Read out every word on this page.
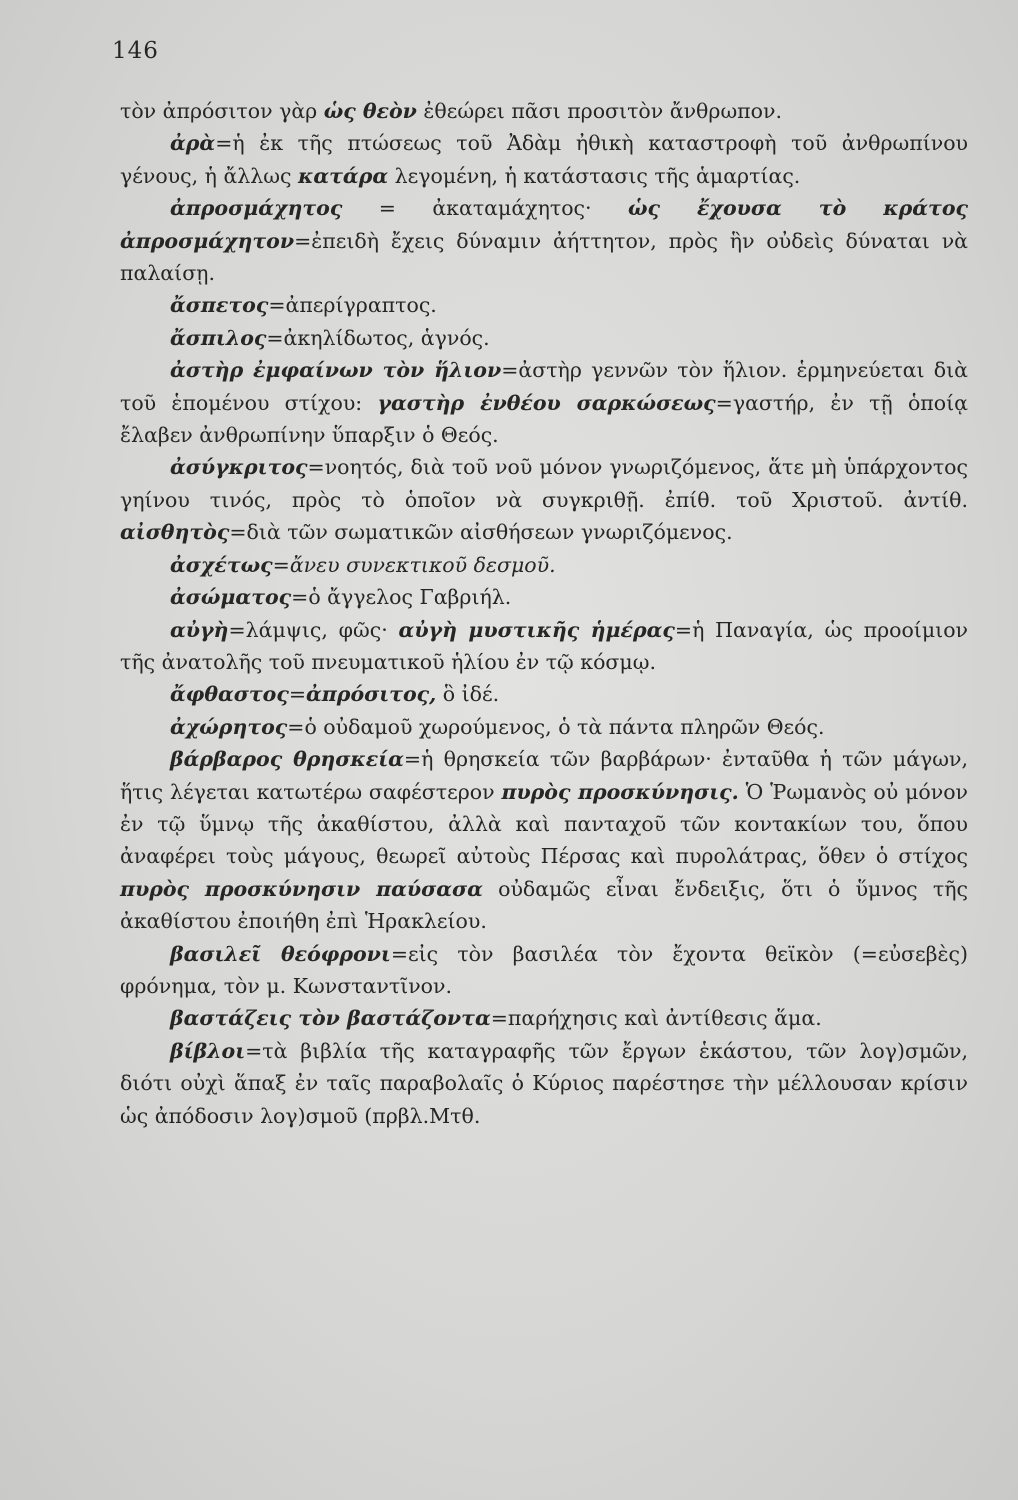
146

τὸν ἀπρόσιτον γὰρ ὡς θεὸν ἐθεώρει πᾶσι προσιτὸν ἄνθρωπον.

ἀρὰ=ἡ ἐκ τῆς πτώσεως τοῦ Ἀδὰμ ἠθικὴ καταστροφὴ τοῦ ἀνθρωπίνου γένους, ἡ ἄλλως κατάρα λεγομένη, ἡ κατάστασις τῆς ἁμαρτίας.

ἀπροσμάχητος = ἀκαταμάχητος· ὡς ἔχουσα τὸ κράτος ἀπροσμάχητον=ἐπειδὴ ἔχεις δύναμιν ἀήττητον, πρὸς ἣν οὐδεὶς δύναται νὰ παλαίσῃ.

ἄσπετος=ἀπερίγραπτος.

ἄσπιλος=ἀκηλίδωτος, ἁγνός.

ἀστὴρ ἐμφαίνων τὸν ἥλιον=ἀστὴρ γεννῶν τὸν ἥλιον. ἑρμηνεύεται διὰ τοῦ ἑπομένου στίχου: γαστὴρ ἐνθέου σαρκώσεως=γαστήρ, ἐν τῇ ὁποίᾳ ἔλαβεν ἀνθρωπίνην ὕπαρξιν ὁ Θεός.

ἀσύγκριτος=νοητός, διὰ τοῦ νοῦ μόνον γνωριζόμενος, ἅτε μὴ ὑπάρχοντος γηίνου τινός, πρὸς τὸ ὁποῖον νὰ συγκριθῇ. ἐπίθ. τοῦ Χριστοῦ. ἀντίθ. αἰσθητὸς=διὰ τῶν σωματικῶν αἰσθήσεων γνωριζόμενος.

ἀσχέτως=ἄνευ συνεκτικοῦ δεσμοῦ.

ἀσώματος=ὁ ἄγγελος Γαβριήλ.

αὐγὴ=λάμψις, φῶς· αὐγὴ μυστικῆς ἡμέρας=ἡ Παναγία, ὡς προοίμιον τῆς ἀνατολῆς τοῦ πνευματικοῦ ἡλίου ἐν τῷ κόσμῳ.

ἄφθαστος=ἀπρόσιτος, ὃ ἰδέ.

ἀχώρητος=ὁ οὐδαμοῦ χωρούμενος, ὁ τὰ πάντα πληρῶν Θεός.

βάρβαρος θρησκεία=ἡ θρησκεία τῶν βαρβάρων· ἐνταῦθα ἡ τῶν μάγων, ἥτις λέγεται κατωτέρω σαφέστερον πυρὸς προσκύνησις. Ὁ Ῥωμανὸς οὐ μόνον ἐν τῷ ὕμνῳ τῆς ἀκαθίστου, ἀλλὰ καὶ πανταχοῦ τῶν κοντακίων του, ὅπου ἀναφέρει τοὺς μάγους, θεωρεῖ αὐτοὺς Πέρσας καὶ πυρολάτρας, ὅθεν ὁ στίχος πυρὸς προσκύνησιν παύσασα οὐδαμῶς εἶναι ἔνδειξις, ὅτι ὁ ὕμνος τῆς ἀκαθίστου ἐποιήθη ἐπὶ Ἡρακλείου.

βασιλεῖ θεόφρονι=εἰς τὸν βασιλέα τὸν ἔχοντα θεϊκὸν (=εὐσεβὲς) φρόνημα, τὸν μ. Κωνσταντῖνον.

βαστάζεις τὸν βαστάζοντα=παρήχησις καὶ ἀντίθεσις ἅμα.

βίβλοι=τὰ βιβλία τῆς καταγραφῆς τῶν ἔργων ἑκάστου, τῶν λογ)σμῶν, διότι οὐχὶ ἅπαξ ἐν ταῖς παραβολαῖς ὁ Κύριος παρέστησε τὴν μέλλουσαν κρίσιν ὡς ἀπόδοσιν λογ)σμοῦ (πρβλ.Μτθ.
